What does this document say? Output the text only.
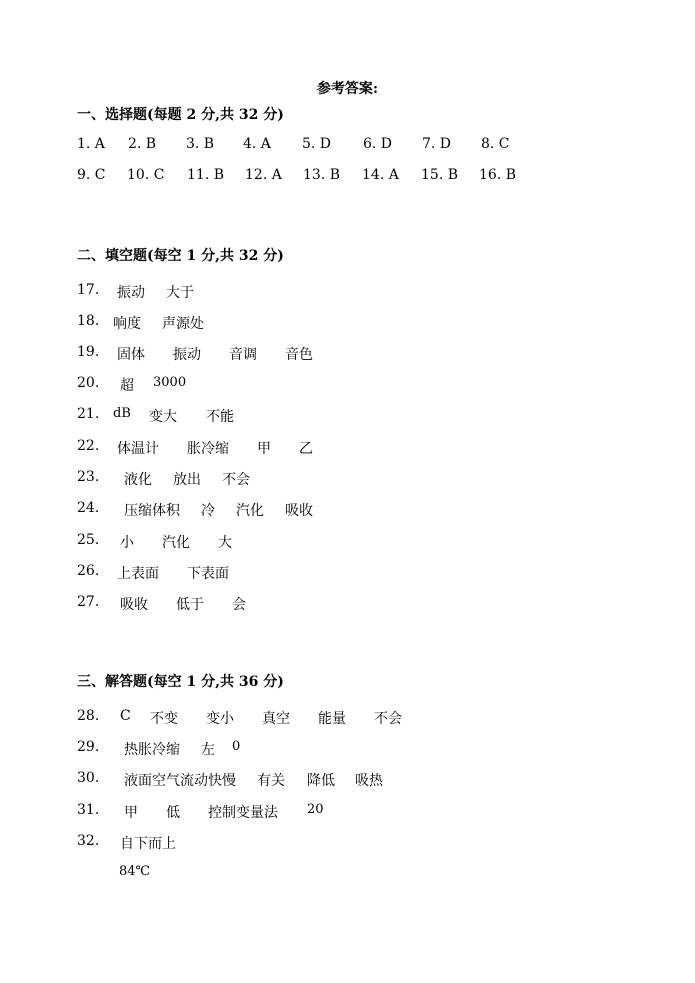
参考答案:
一、选择题(每题 2 分,共 32 分)
1. A 2. B 3. B 4. A 5. D 6. D 7. D 8. C
9. C 10. C 11. B 12. A 13. B 14. A 15. B 16. B
二、填空题(每空 1 分,共 32 分)
17. 振动 大于
18. 响度 声源处
19. 固体 振动 音调 音色
20. 超 3000
21. dB 变大 不能
22. 体温计 胀冷缩 甲 乙
23. 液化 放出 不会
24. 压缩体积 冷 汽化 吸收
25. 小 汽化 大
26. 上表面 下表面
27. 吸收 低于 会
三、解答题(每空 1 分,共 36 分)
28. C 不变 变小 真空 能量 不会
29. 热胀冷缩 左 0
30. 液面空气流动快慢 有关 降低 吸热
31. 甲 低 控制变量法 20
32. 自下而上
84℃
